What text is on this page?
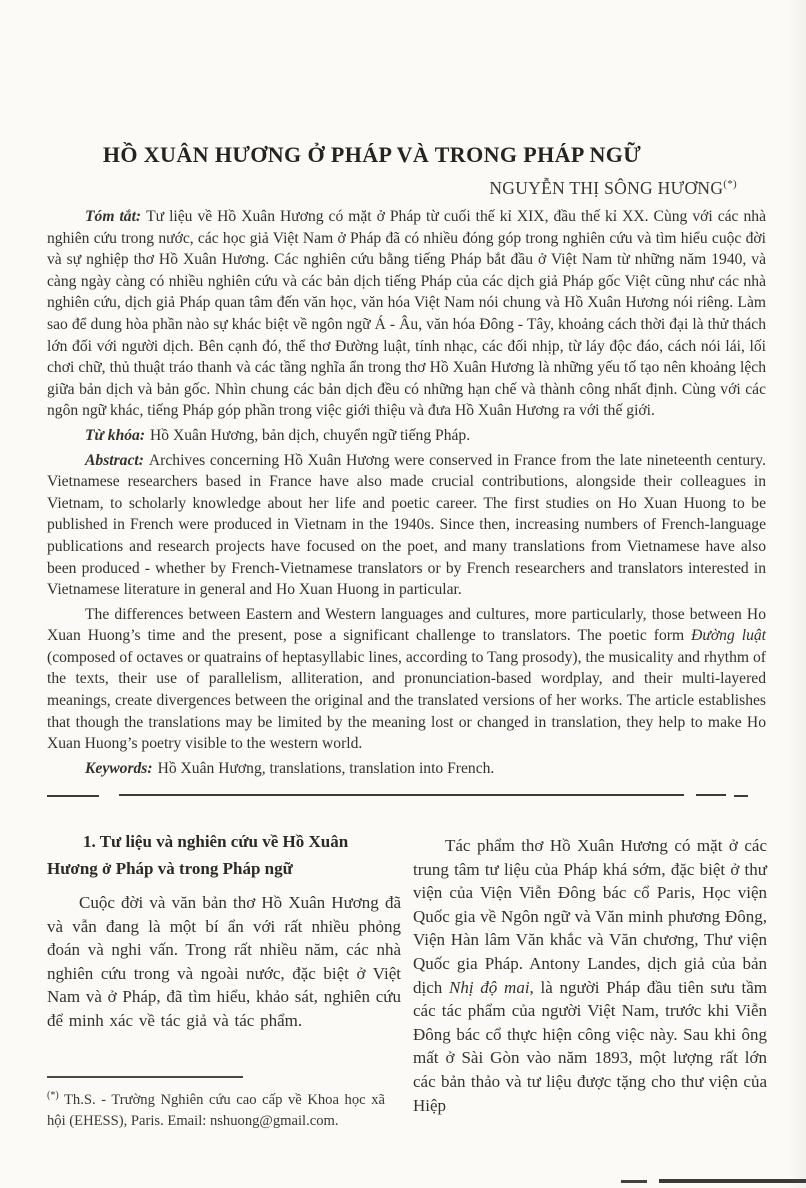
HỒ XUÂN HƯƠNG Ở PHÁP VÀ TRONG PHÁP NGỮ
NGUYỄN THỊ SÔNG HƯƠNG(*)

Tóm tắt: Tư liệu về Hồ Xuân Hương có mặt ở Pháp từ cuối thế kỉ XIX, đầu thế kỉ XX. Cùng với các nhà nghiên cứu trong nước, các học giả Việt Nam ở Pháp đã có nhiều đóng góp trong nghiên cứu và tìm hiểu cuộc đời và sự nghiệp thơ Hồ Xuân Hương. Các nghiên cứu bằng tiếng Pháp bắt đầu ở Việt Nam từ những năm 1940, và càng ngày càng có nhiều nghiên cứu và các bản dịch tiếng Pháp của các dịch giả Pháp gốc Việt cũng như các nhà nghiên cứu, dịch giả Pháp quan tâm đến văn học, văn hóa Việt Nam nói chung và Hồ Xuân Hương nói riêng. Làm sao để dung hòa phần nào sự khác biệt về ngôn ngữ Á - Âu, văn hóa Đông - Tây, khoảng cách thời đại là thử thách lớn đối với người dịch. Bên cạnh đó, thể thơ Đường luật, tính nhạc, các đối nhịp, từ láy độc đáo, cách nói lái, lối chơi chữ, thủ thuật tráo thanh và các tầng nghĩa ẩn trong thơ Hồ Xuân Hương là những yếu tố tạo nên khoảng lệch giữa bản dịch và bản gốc. Nhìn chung các bản dịch đều có những hạn chế và thành công nhất định. Cùng với các ngôn ngữ khác, tiếng Pháp góp phần trong việc giới thiệu và đưa Hồ Xuân Hương ra với thế giới.

Từ khóa: Hồ Xuân Hương, bản dịch, chuyển ngữ tiếng Pháp.

Abstract: Archives concerning Hồ Xuân Hương were conserved in France from the late nineteenth century. Vietnamese researchers based in France have also made crucial contributions, alongside their colleagues in Vietnam, to scholarly knowledge about her life and poetic career. The first studies on Ho Xuan Huong to be published in French were produced in Vietnam in the 1940s. Since then, increasing numbers of French-language publications and research projects have focused on the poet, and many translations from Vietnamese have also been produced - whether by French-Vietnamese translators or by French researchers and translators interested in Vietnamese literature in general and Ho Xuan Huong in particular.

The differences between Eastern and Western languages and cultures, more particularly, those between Ho Xuan Huong’s time and the present, pose a significant challenge to translators. The poetic form Đường luật (composed of octaves or quatrains of heptasyllabic lines, according to Tang prosody), the musicality and rhythm of the texts, their use of parallelism, alliteration, and pronunciation-based wordplay, and their multi-layered meanings, create divergences between the original and the translated versions of her works. The article establishes that though the translations may be limited by the meaning lost or changed in translation, they help to make Ho Xuan Huong’s poetry visible to the western world.

Keywords: Hồ Xuân Hương, translations, translation into French.

1. Tư liệu và nghiên cứu về Hồ Xuân Hương ở Pháp và trong Pháp ngữ

Cuộc đời và văn bản thơ Hồ Xuân Hương đã và vẫn đang là một bí ẩn với rất nhiều phỏng đoán và nghi vấn. Trong rất nhiều năm, các nhà nghiên cứu trong và ngoài nước, đặc biệt ở Việt Nam và ở Pháp, đã tìm hiểu, khảo sát, nghiên cứu để minh xác về tác giả và tác phẩm.

Tác phẩm thơ Hồ Xuân Hương có mặt ở các trung tâm tư liệu của Pháp khá sớm, đặc biệt ở thư viện của Viện Viễn Đông bác cổ Paris, Học viện Quốc gia về Ngôn ngữ và Văn minh phương Đông, Viện Hàn lâm Văn khắc và Văn chương, Thư viện Quốc gia Pháp. Antony Landes, dịch giả của bản dịch Nhị độ mai, là người Pháp đầu tiên sưu tầm các tác phẩm của người Việt Nam, trước khi Viễn Đông bác cổ thực hiện công việc này. Sau khi ông mất ở Sài Gòn vào năm 1893, một lượng rất lớn các bản thảo và tư liệu được tặng cho thư viện của Hiệp

(*) Th.S. - Trường Nghiên cứu cao cấp về Khoa học xã hội (EHESS), Paris. Email: nshuong@gmail.com.
